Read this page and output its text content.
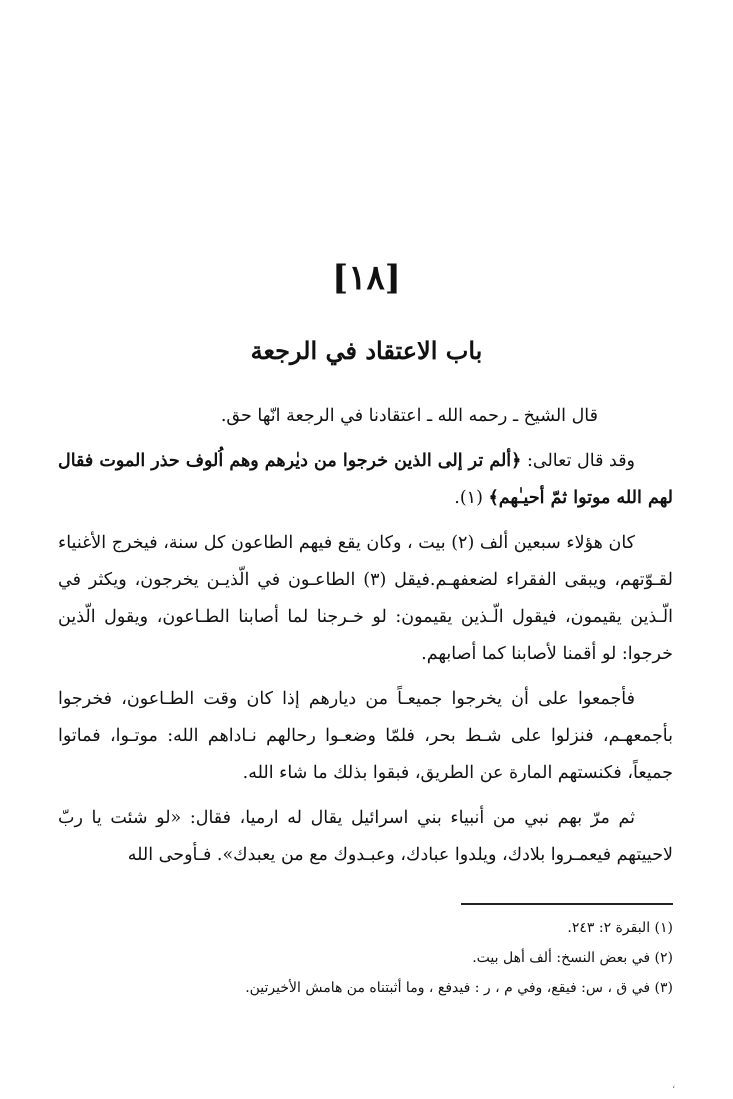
[١٨]
باب الاعتقاد في الرجعة

قال الشيخ ـ رحمه الله ـ اعتقادنا في الرجعة انّها حق.

وقد قال تعالى: ﴿ألم تر إلى الذين خرجوا من ديٰرهم وهم اُلوف حذر الموت فقال لهم الله موتوا ثمّ أحيـٰهم﴾ (١).

كان هؤلاء سبعين ألف (٢) بيت ، وكان يقع فيهم الطاعون كل سنة، فيخرج الأغنياء لقـوّتهم، ويبقى الفقراء لضعفهـم.فيقل (٣) الطاعـون في الّذيـن يخرجون، ويكثر في الّـذين يقيمون، فيقول الّـذين يقيمون: لو خـرجنا لما أصابنا الطـاعون، ويقول الّذين خرجوا: لو أقمنا لأصابنا كما أصابهم.

فأجمعوا على أن يخرجوا جميعـاً من ديارهم إذا كان وقت الطـاعون، فخرجوا بأجمعهـم، فنزلوا على شـط بحر، فلمّا وضعـوا رحالهم نـاداهم الله: موتـوا، فماتوا جميعاً، فكنستهم المارة عن الطريق، فبقوا بذلك ما شاء الله.

ثم مرّ بهم نبي من أنبياء بني اسرائيل يقال له ارميا، فقال: «لو شئت يا ربّ لاحييتهم فيعمـروا بلادك، ويلدوا عبادك، وعبـدوك مع من يعبدك». فـأوحى الله

(١) البقرة ٢: ٢٤٣.

(٢) في بعض النسخ: ألف أهل بيت.

(٣) في ق ، س: فيقع، وفي م ، ر : فيدفع ، وما أثبتناه من هامش الأخيرتين.

،
